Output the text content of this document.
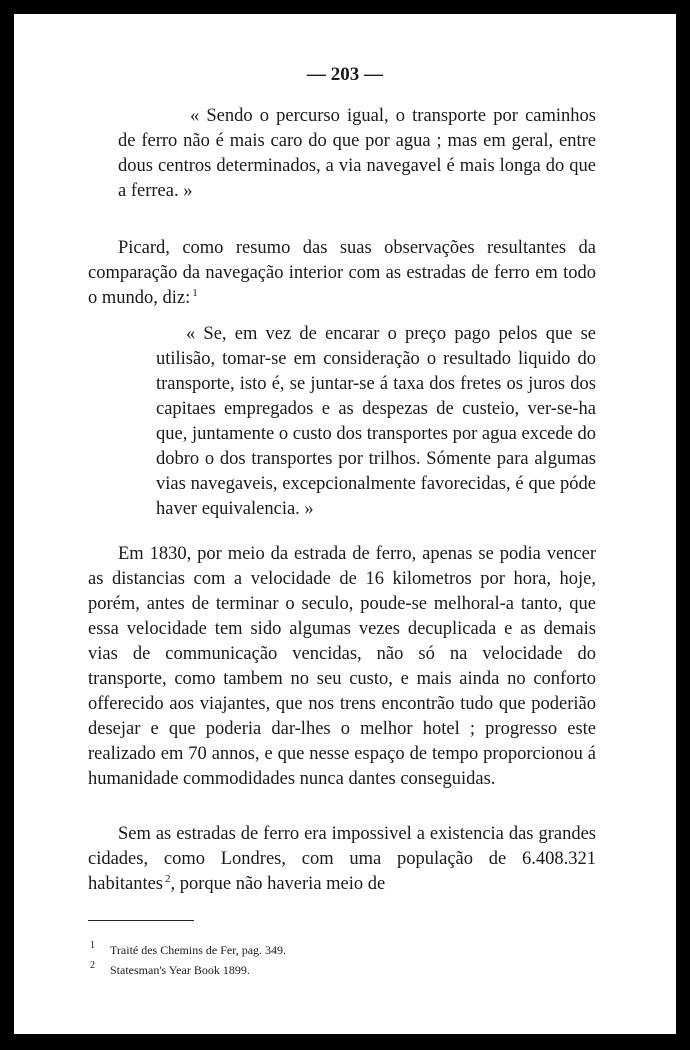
— 203 —

« Sendo o percurso igual, o transporte por caminhos de ferro não é mais caro do que por agua ; mas em geral, entre dous centros determinados, a via navegavel é mais longa do que a ferrea. »

Picard, como resumo das suas observações resultantes da comparação da navegação interior com as estradas de ferro em todo o mundo, diz: $^1$

« Se, em vez de encarar o preço pago pelos que se utilisão, tomar-se em consideração o resultado liquido do transporte, isto é, se juntar-se á taxa dos fretes os juros dos capitaes empregados e as despezas de custeio, ver-se-ha que, juntamente o custo dos transportes por agua excede do dobro o dos transportes por trilhos. Sómente para algumas vias navegaveis, excepcionalmente favorecidas, é que póde haver equivalencia. »

Em 1830, por meio da estrada de ferro, apenas se podia vencer as distancias com a velocidade de 16 kilometros por hora, hoje, porém, antes de terminar o seculo, poude-se melhoral-a tanto, que essa velocidade tem sido algumas vezes decuplicada e as demais vias de communicação vencidas, não só na velocidade do transporte, como tambem no seu custo, e mais ainda no conforto offerecido aos viajantes, que nos trens encontrão tudo que poderião desejar e que poderia dar-lhes o melhor hotel ; progresso este realizado em 70 annos, e que nesse espaço de tempo proporcionou á humanidade commodidades nunca dantes conseguidas.

Sem as estradas de ferro era impossivel a existencia das grandes cidades, como Londres, com uma população de 6.408.321 habitantes $^2$, porque não haveria meio de

1 Traité des Chemins de Fer, pag. 349.

2 Statesman's Year Book 1899.
